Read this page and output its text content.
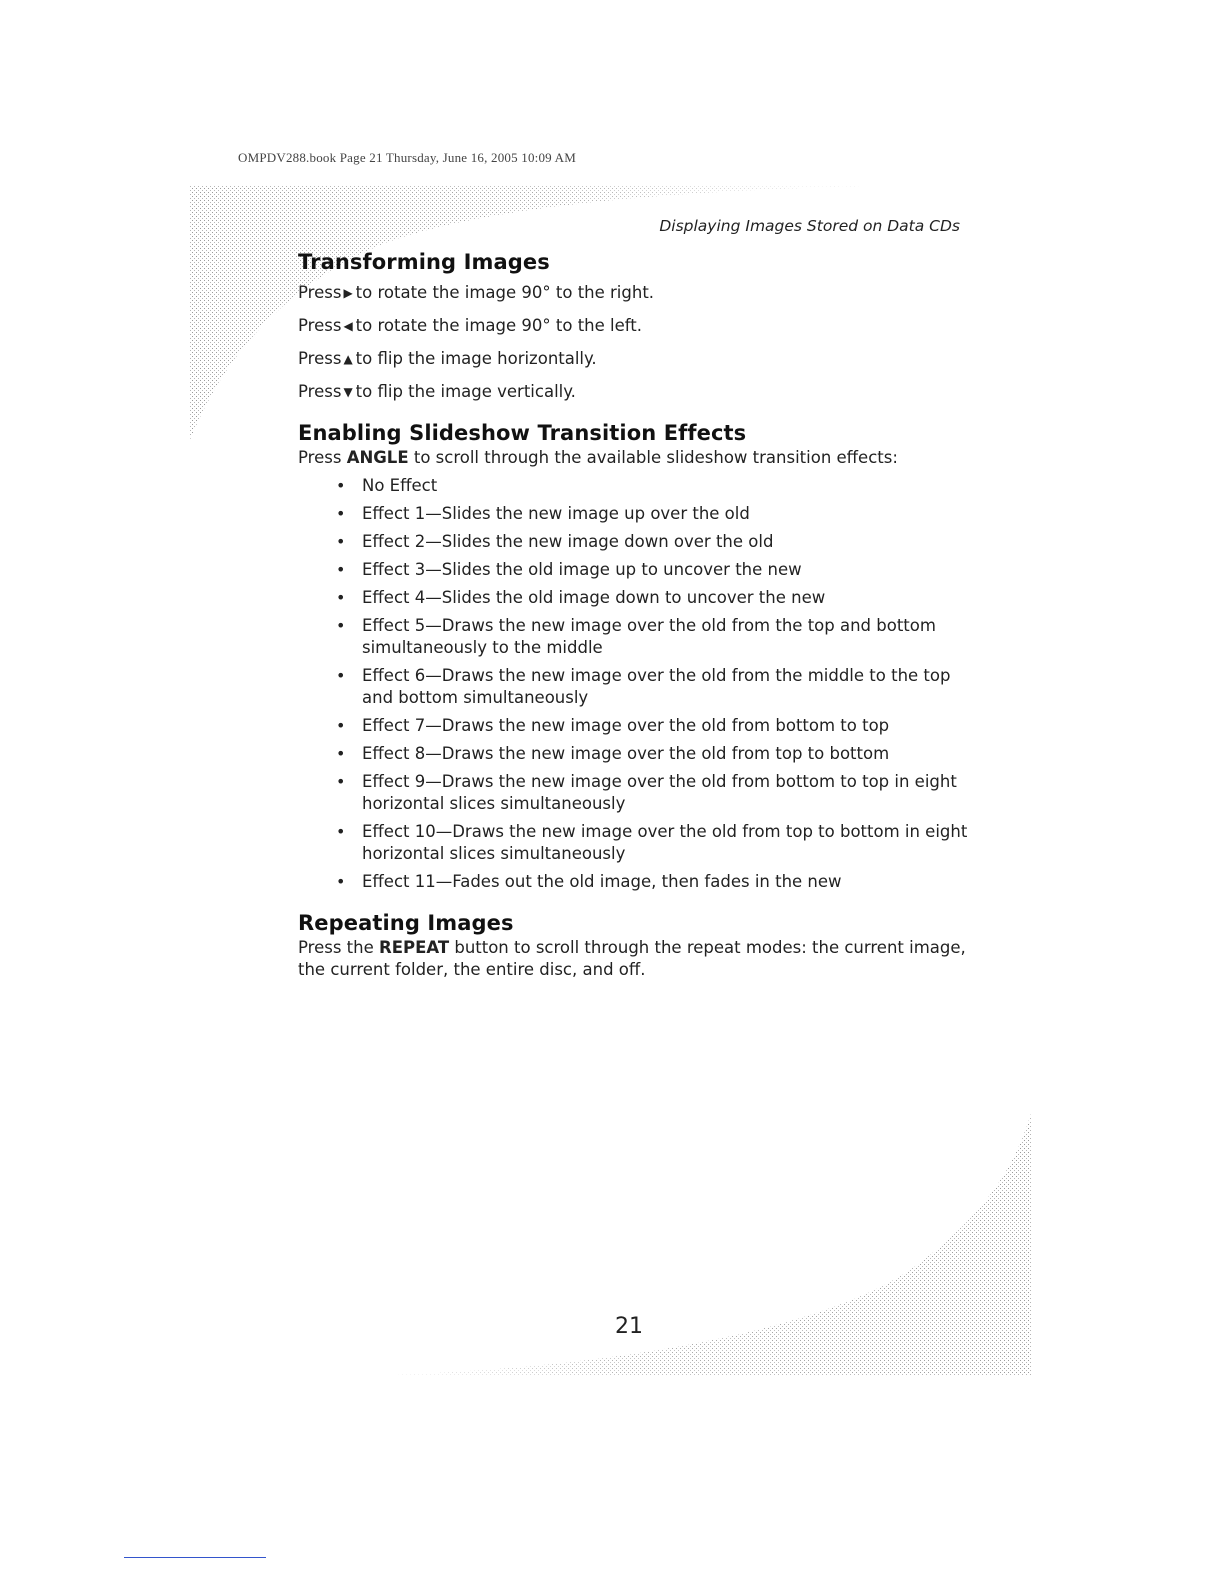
OMPDV288.book Page 21 Thursday, June 16, 2005 10:09 AM
Displaying Images Stored on Data CDs
Transforming Images

Press ▶ to rotate the image 90° to the right.

Press ◀ to rotate the image 90° to the left.

Press ▲ to flip the image horizontally.

Press ▼ to flip the image vertically.

Enabling Slideshow Transition Effects

Press ANGLE to scroll through the available slideshow transition effects:

• No Effect
• Effect 1—Slides the new image up over the old
• Effect 2—Slides the new image down over the old
• Effect 3—Slides the old image up to uncover the new
• Effect 4—Slides the old image down to uncover the new
• Effect 5—Draws the new image over the old from the top and bottom simultaneously to the middle
• Effect 6—Draws the new image over the old from the middle to the top and bottom simultaneously
• Effect 7—Draws the new image over the old from bottom to top
• Effect 8—Draws the new image over the old from top to bottom
• Effect 9—Draws the new image over the old from bottom to top in eight horizontal slices simultaneously
• Effect 10—Draws the new image over the old from top to bottom in eight horizontal slices simultaneously
• Effect 11—Fades out the old image, then fades in the new
Repeating Images

Press the REPEAT button to scroll through the repeat modes: the current image, the current folder, the entire disc, and off.

21
